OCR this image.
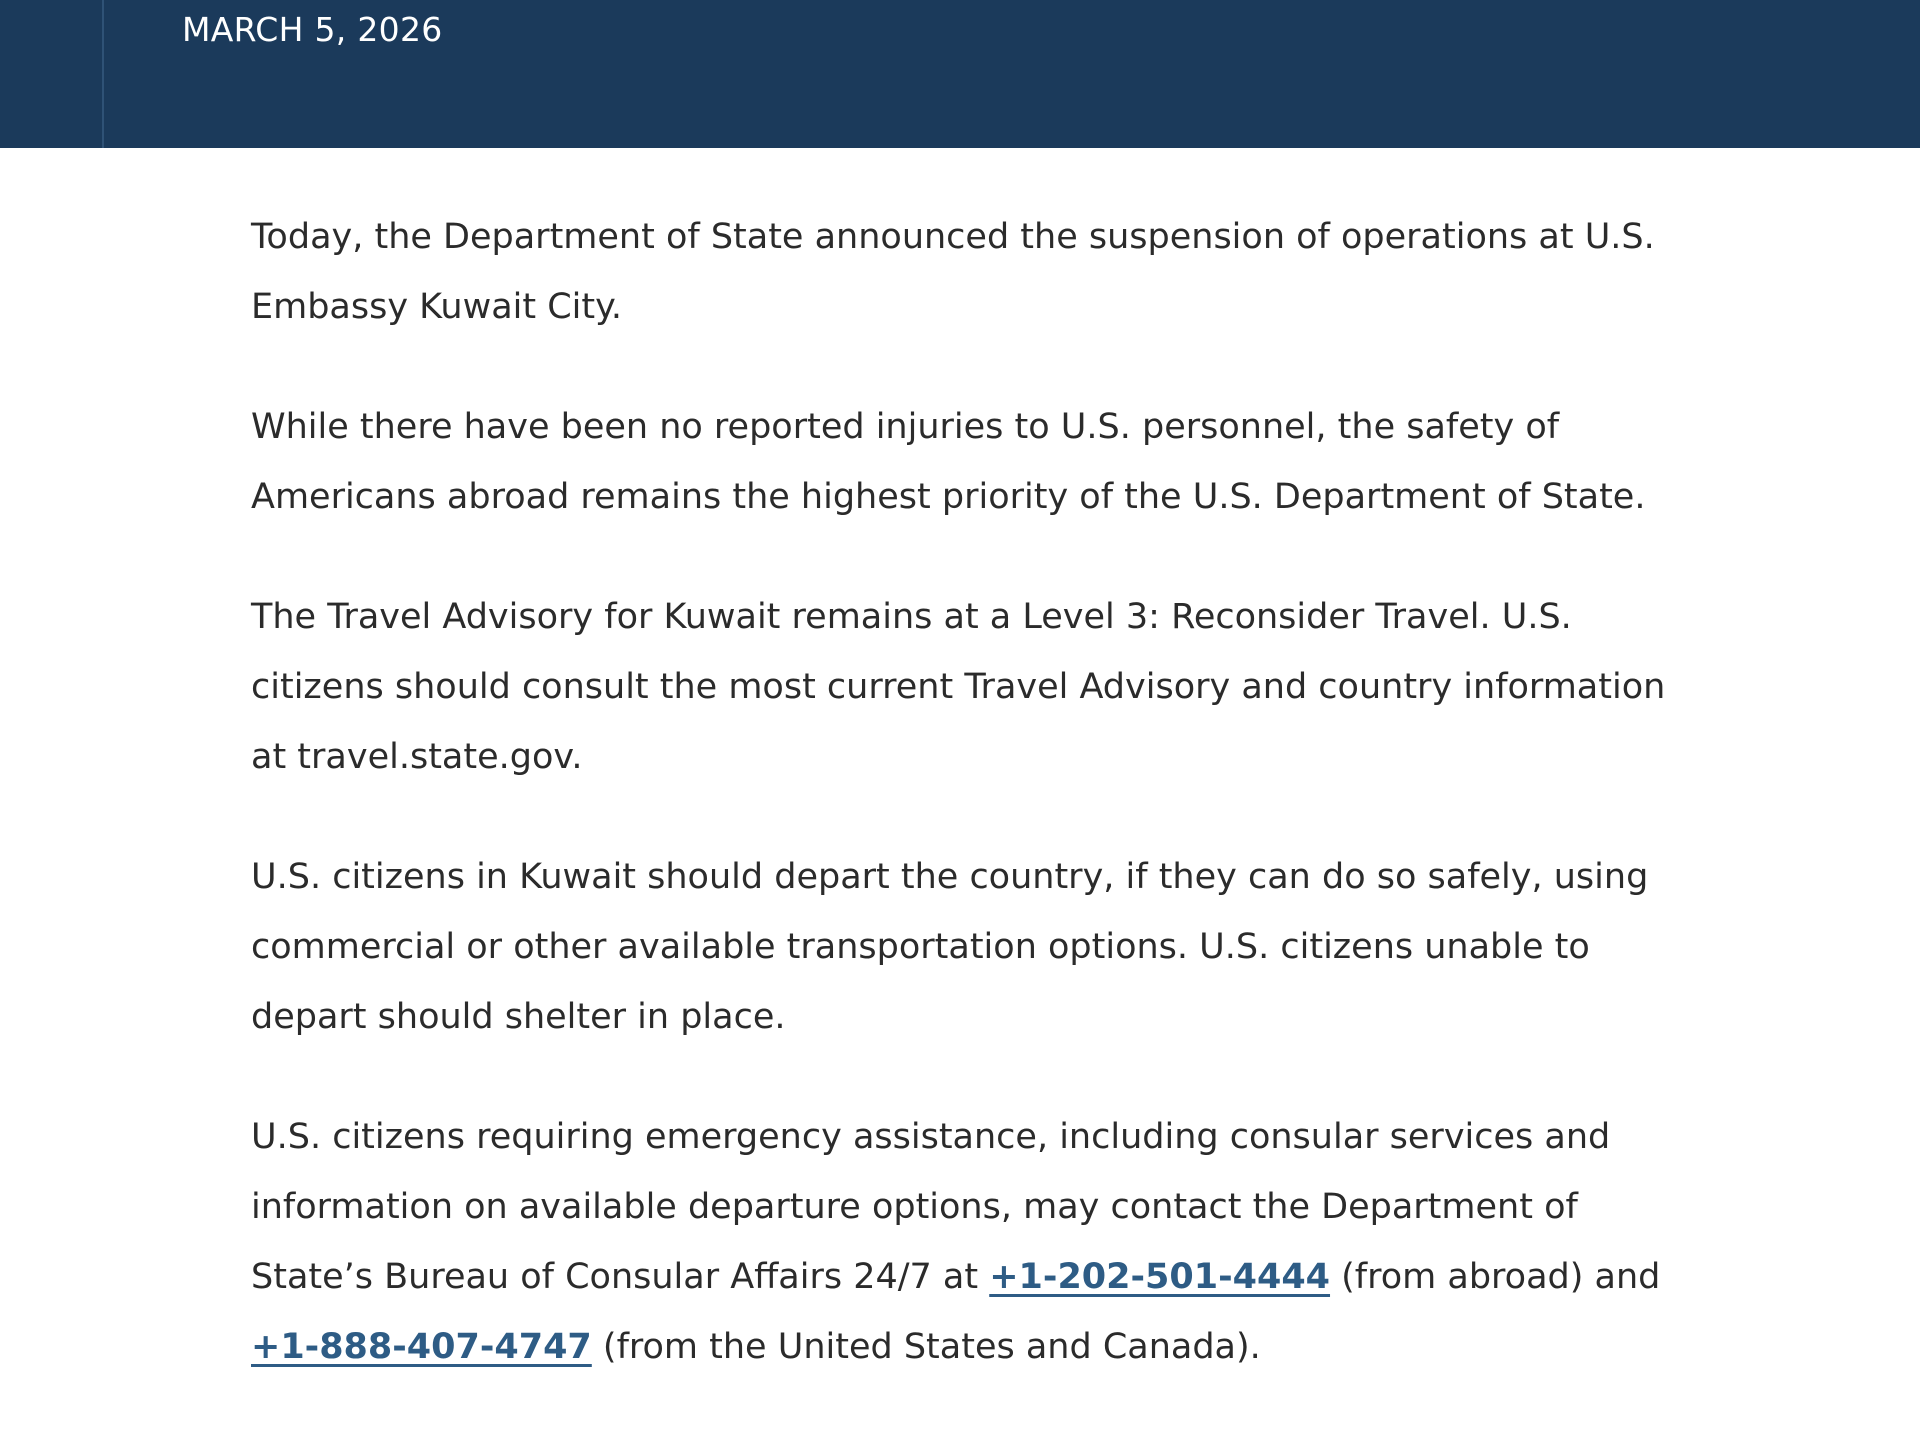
MARCH 5, 2026

Today, the Department of State announced the suspension of operations at U.S. Embassy Kuwait City.

While there have been no reported injuries to U.S. personnel, the safety of Americans abroad remains the highest priority of the U.S. Department of State.

The Travel Advisory for Kuwait remains at a Level 3: Reconsider Travel. U.S. citizens should consult the most current Travel Advisory and country information at travel.state.gov.

U.S. citizens in Kuwait should depart the country, if they can do so safely, using commercial or other available transportation options. U.S. citizens unable to depart should shelter in place.

U.S. citizens requiring emergency assistance, including consular services and information on available departure options, may contact the Department of State’s Bureau of Consular Affairs 24/7 at +1-202-501-4444 (from abroad) and +1-888-407-4747 (from the United States and Canada).
